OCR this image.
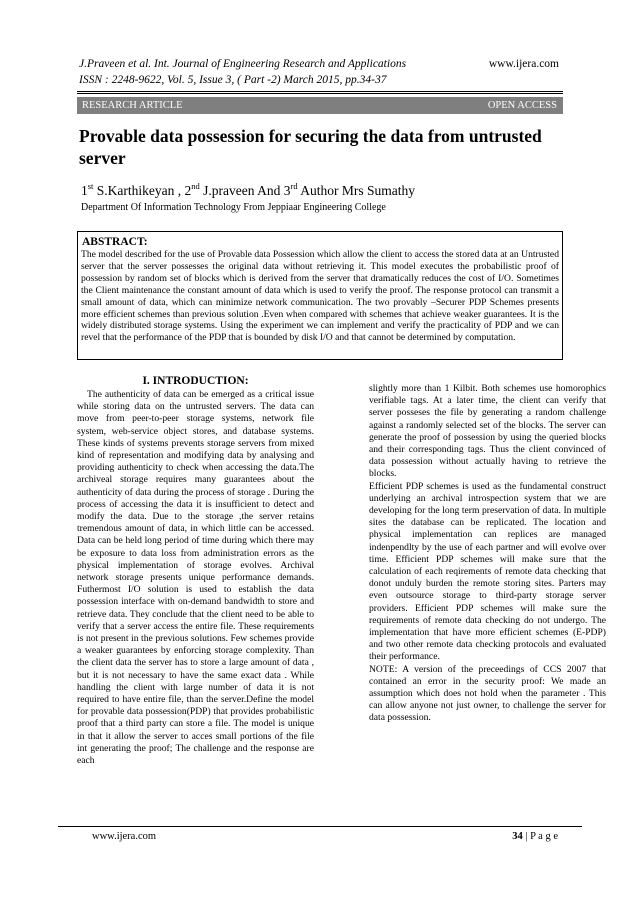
J.Praveen et al. Int. Journal of Engineering Research and Applications
ISSN : 2248-9622, Vol. 5, Issue 3, ( Part -2) March 2015, pp.34-37
www.ijera.com
RESEARCH ARTICLE	OPEN ACCESS
Provable data possession for securing the data from untrusted server
1st S.Karthikeyan , 2nd J.praveen And 3rd Author Mrs Sumathy
Department Of Information Technology From Jeppiaar Engineering College
ABSTRACT:

The model described for the use of Provable data Possession which allow the client to access the stored data at an Untrusted server that the server possesses the original data without retrieving it. This model executes the probabilistic proof of possession by random set of blocks which is derived from the server that dramatically reduces the cost of I/O. Sometimes the Client maintenance the constant amount of data which is used to verify the proof. The response protocol can transmit a small amount of data, which can minimize network communication. The two provably –Securer PDP Schemes presents more efficient schemes than previous solution .Even when compared with schemes that achieve weaker guarantees. It is the widely distributed storage systems. Using the experiment we can implement and verify the practicality of PDP and we can revel that the performance of the PDP that is bounded by disk I/O and that cannot be determined by computation.

I. INTRODUCTION:

The authenticity of data can be emerged as a critical issue while storing data on the untrusted servers. The data can move from peer-to-peer storage systems, network file system, web-service object stores, and database systems. These kinds of systems prevents storage servers from mixed kind of representation and modifying data by analysing and providing authenticity to check when accessing the data.The archiveal storage requires many guarantees about the authenticity of data during the process of storage . During the process of accessing the data it is insufficient to detect and modify the data. Due to the storage ,the server retains tremendous amount of data, in which little can be accessed. Data can be held long period of time during which there may be exposure to data loss from administration errors as the physical implementation of storage evolves. Archival network storage presents unique performance demands. Futhermost I/O solution is used to establish the data possession interface with on-demand bandwidth to store and retrieve data. They conclude that the client need to be able to verify that a server access the entire file. These requirements is not present in the previous solutions. Few schemes provide a weaker guarantees by enforcing storage complexity. Than the client data the server has to store a large amount of data , but it is not necessary to have the same exact data . While handling the client with large number of data it is not required to have entire file, than the server.Define the model for provable data possession(PDP) that provides probabilistic proof that a third party can store a file. The model is unique in that it allow the server to acces small portions of the file int generating the proof; The challenge and the response are each

slightly more than 1 Kilbit. Both schemes use homorophics verifiable tags. At a later time, the client can verify that server posseses the file by generating a random challenge against a randomly selected set of the blocks. The server can generate the proof of possession by using the queried blocks and their corresponding tags. Thus the client convinced of data possession without actually having to retrieve the blocks.

Efficient PDP schemes is used as the fundamental construct underlying an archival introspection system that we are developing for the long term preservation of data. In multiple sites the database can be replicated. The location and physical implementation can replices are managed indenpendlty by the use of each partner and will evolve over time. Efficient PDP schemes will make sure that the calculation of each reqirements of remote data checking that donot unduly burden the remote storing sites. Parters may even outsource storage to third-party storage server providers. Efficient PDP schemes will make sure the requirements of remote data checking do not undergo. The implementation that have more efficient schemes (E-PDP) and two other remote data checking protocols and evaluated their performance.

NOTE: A version of the preceedings of CCS 2007 that contained an error in the security proof: We made an assumption which does not hold when the parameter . This can allow anyone not just owner, to challenge the server for data possession.

www.ijera.com	34 | P a g e
